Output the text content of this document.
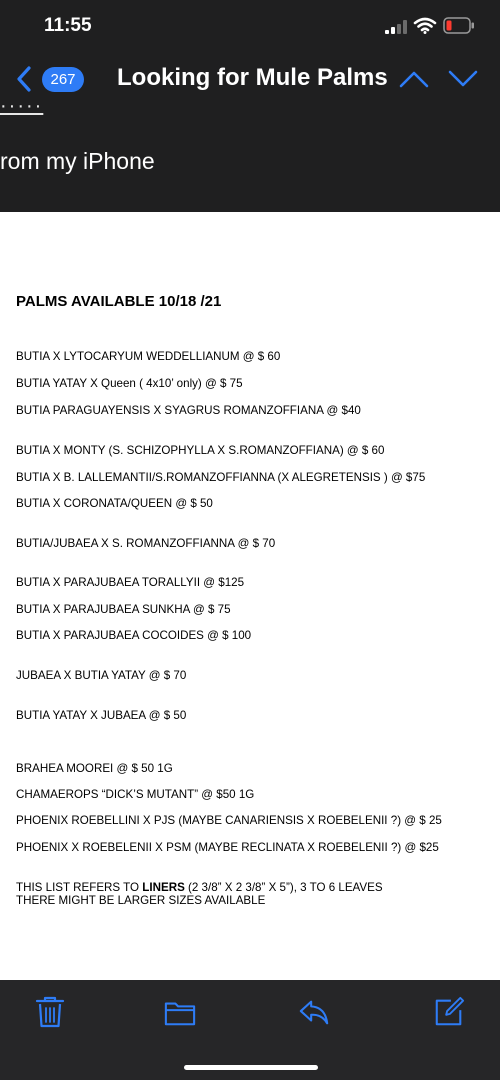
11:55
267	Looking for Mule Palms
·····
rom my iPhone
PALMS AVAILABLE 10/18 /21
BUTIA X LYTOCARYUM WEDDELLIANUM @ $ 60
BUTIA YATAY X Queen ( 4x10’ only) @ $ 75
BUTIA PARAGUAYENSIS X SYAGRUS ROMANZOFFIANA @ $40
BUTIA X MONTY (S. SCHIZOPHYLLA X S.ROMANZOFFIANA) @ $ 60
BUTIA X B. LALLEMANTII/S.ROMANZOFFIANNA (X ALEGRETENSIS ) @ $75
BUTIA X CORONATA/QUEEN @ $ 50
BUTIA/JUBAEA X S. ROMANZOFFIANNA @ $ 70
BUTIA X PARAJUBAEA TORALLYII @ $125
BUTIA X PARAJUBAEA SUNKHA @ $ 75
BUTIA X PARAJUBAEA COCOIDES @ $ 100
JUBAEA X BUTIA YATAY @ $ 70
BUTIA YATAY X JUBAEA @ $ 50
BRAHEA MOOREI @ $ 50 1G
CHAMAEROPS “DICK’S MUTANT” @ $50 1G
PHOENIX ROEBELLINI X PJS (MAYBE CANARIENSIS X ROEBELENII ?) @ $ 25
PHOENIX X ROEBELENII X PSM (MAYBE RECLINATA X ROEBELENII ?) @ $25
THIS LIST REFERS TO LINERS (2 3/8” X 2 3/8” X 5”), 3 TO 6 LEAVES
THERE MIGHT BE LARGER SIZES AVAILABLE
